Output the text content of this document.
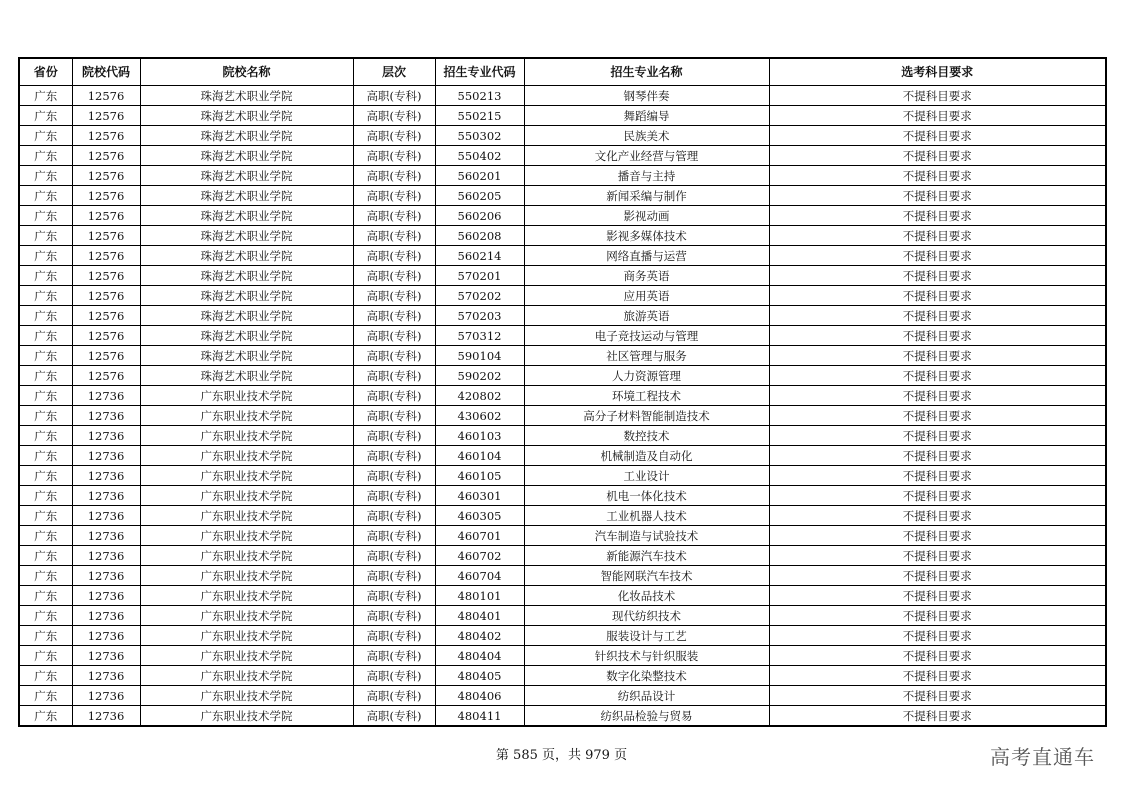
省份	院校代码	院校名称	层次	招生专业代码	招生专业名称	选考科目要求
广东	12576	珠海艺术职业学院	高职(专科)	550213	钢琴伴奏	不提科目要求
广东	12576	珠海艺术职业学院	高职(专科)	550215	舞蹈编导	不提科目要求
广东	12576	珠海艺术职业学院	高职(专科)	550302	民族美术	不提科目要求
广东	12576	珠海艺术职业学院	高职(专科)	550402	文化产业经营与管理	不提科目要求
广东	12576	珠海艺术职业学院	高职(专科)	560201	播音与主持	不提科目要求
广东	12576	珠海艺术职业学院	高职(专科)	560205	新闻采编与制作	不提科目要求
广东	12576	珠海艺术职业学院	高职(专科)	560206	影视动画	不提科目要求
广东	12576	珠海艺术职业学院	高职(专科)	560208	影视多媒体技术	不提科目要求
广东	12576	珠海艺术职业学院	高职(专科)	560214	网络直播与运营	不提科目要求
广东	12576	珠海艺术职业学院	高职(专科)	570201	商务英语	不提科目要求
广东	12576	珠海艺术职业学院	高职(专科)	570202	应用英语	不提科目要求
广东	12576	珠海艺术职业学院	高职(专科)	570203	旅游英语	不提科目要求
广东	12576	珠海艺术职业学院	高职(专科)	570312	电子竞技运动与管理	不提科目要求
广东	12576	珠海艺术职业学院	高职(专科)	590104	社区管理与服务	不提科目要求
广东	12576	珠海艺术职业学院	高职(专科)	590202	人力资源管理	不提科目要求
广东	12736	广东职业技术学院	高职(专科)	420802	环境工程技术	不提科目要求
广东	12736	广东职业技术学院	高职(专科)	430602	高分子材料智能制造技术	不提科目要求
广东	12736	广东职业技术学院	高职(专科)	460103	数控技术	不提科目要求
广东	12736	广东职业技术学院	高职(专科)	460104	机械制造及自动化	不提科目要求
广东	12736	广东职业技术学院	高职(专科)	460105	工业设计	不提科目要求
广东	12736	广东职业技术学院	高职(专科)	460301	机电一体化技术	不提科目要求
广东	12736	广东职业技术学院	高职(专科)	460305	工业机器人技术	不提科目要求
广东	12736	广东职业技术学院	高职(专科)	460701	汽车制造与试验技术	不提科目要求
广东	12736	广东职业技术学院	高职(专科)	460702	新能源汽车技术	不提科目要求
广东	12736	广东职业技术学院	高职(专科)	460704	智能网联汽车技术	不提科目要求
广东	12736	广东职业技术学院	高职(专科)	480101	化妆品技术	不提科目要求
广东	12736	广东职业技术学院	高职(专科)	480401	现代纺织技术	不提科目要求
广东	12736	广东职业技术学院	高职(专科)	480402	服装设计与工艺	不提科目要求
广东	12736	广东职业技术学院	高职(专科)	480404	针织技术与针织服装	不提科目要求
广东	12736	广东职业技术学院	高职(专科)	480405	数字化染整技术	不提科目要求
广东	12736	广东职业技术学院	高职(专科)	480406	纺织品设计	不提科目要求
广东	12736	广东职业技术学院	高职(专科)	480411	纺织品检验与贸易	不提科目要求
第 585 页，共 979 页	高考直通车
